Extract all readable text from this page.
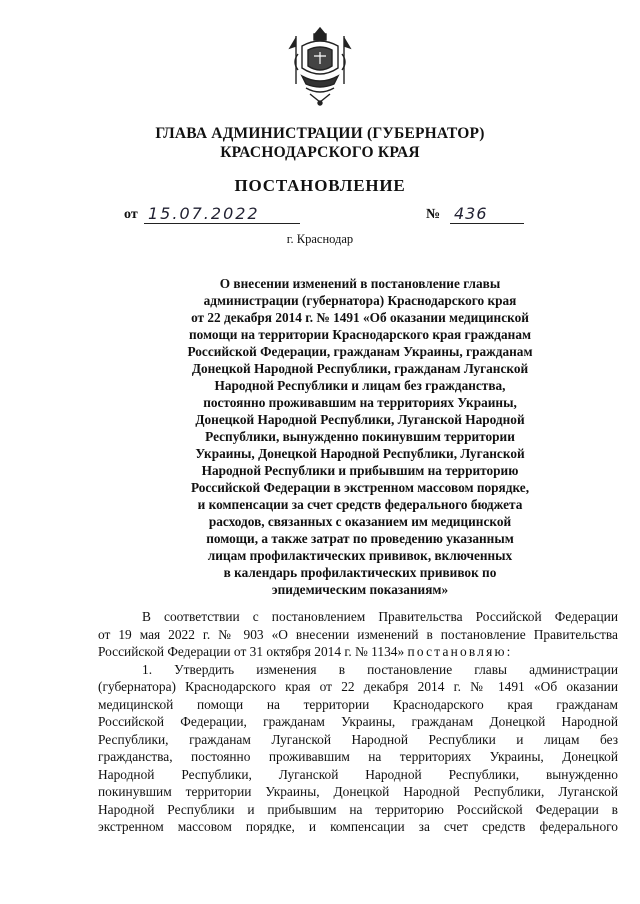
ГЛАВА АДМИНИСТРАЦИИ (ГУБЕРНАТОР)
КРАСНОДАРСКОГО КРАЯ
ПОСТАНОВЛЕНИЕ
от 15.07.2022	№ 436
г. Краснодар
О внесении изменений в постановление главы
администрации (губернатора) Краснодарского края
от 22 декабря 2014 г. № 1491 «Об оказании медицинской
помощи на территории Краснодарского края гражданам
Российской Федерации, гражданам Украины, гражданам
Донецкой Народной Республики, гражданам Луганской
Народной Республики и лицам без гражданства,
постоянно проживавшим на территориях Украины,
Донецкой Народной Республики, Луганской Народной
Республики, вынужденно покинувшим территории
Украины, Донецкой Народной Республики, Луганской
Народной Республики и прибывшим на территорию
Российской Федерации в экстренном массовом порядке,
и компенсации за счет средств федерального бюджета
расходов, связанных с оказанием им медицинской
помощи, а также затрат по проведению указанным
лицам профилактических прививок, включенных
в календарь профилактических прививок по
эпидемическим показаниям»
В соответствии с постановлением Правительства Российской Федерации
от 19 мая 2022 г. № 903 «О внесении изменений в постановление Правительства
Российской Федерации от 31 октября 2014 г. № 1134» постановляю:
1. Утвердить изменения в постановление главы администрации
(губернатора) Краснодарского края от 22 декабря 2014 г. № 1491 «Об оказании
медицинской помощи на территории Краснодарского края гражданам
Российской Федерации, гражданам Украины, гражданам Донецкой Народной
Республики, гражданам Луганской Народной Республики и лицам без
гражданства, постоянно проживавшим на территориях Украины, Донецкой
Народной Республики, Луганской Народной Республики, вынужденно
покинувшим территории Украины, Донецкой Народной Республики, Луганской
Народной Республики и прибывшим на территорию Российской Федерации в
экстренном массовом порядке, и компенсации за счет средств федерального
